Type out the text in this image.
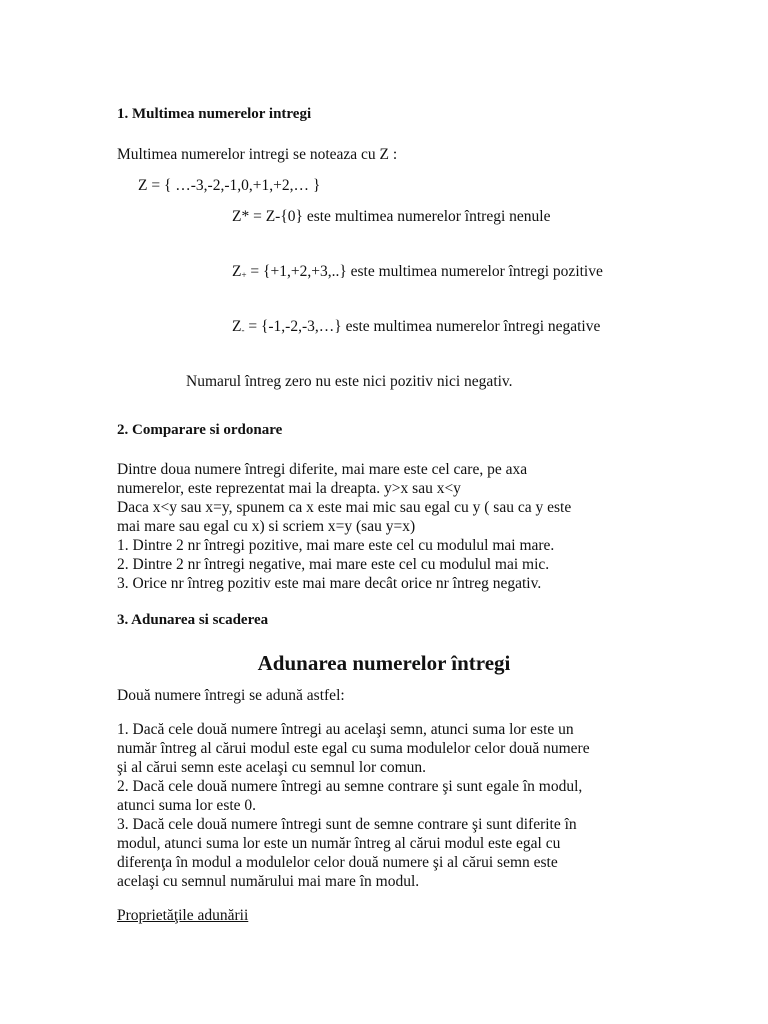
1. Multimea numerelor intregi
Multimea numerelor intregi se noteaza cu Z :
Z = { …-3,-2,-1,0,+1,+2,… }
Z* = Z-{0} este multimea numerelor întregi nenule
$Z_+ = \{+1,+2,+3,..\}$ este multimea numerelor întregi pozitive
$Z_-$ = {-1,-2,-3,…} este multimea numerelor întregi negative
Numarul întreg zero nu este nici pozitiv nici negativ.
2. Comparare si ordonare
Dintre doua numere întregi diferite, mai mare este cel care, pe axa
numerelor, este reprezentat mai la dreapta. y>x sau x<y
Daca x<y sau x=y, spunem ca x este mai mic sau egal cu y ( sau ca y este
mai mare sau egal cu x) si scriem x=y (sau y=x)
1. Dintre 2 nr întregi pozitive, mai mare este cel cu modulul mai mare.
2. Dintre 2 nr întregi negative, mai mare este cel cu modulul mai mic.
3. Orice nr întreg pozitiv este mai mare decât orice nr întreg negativ.
3. Adunarea si scaderea
Adunarea numerelor întregi
Două numere întregi se adună astfel:
1. Dacă cele două numere întregi au acelaşi semn, atunci suma lor este un
număr întreg al cărui modul este egal cu suma modulelor celor două numere
şi al cărui semn este acelaşi cu semnul lor comun.
2. Dacă cele două numere întregi au semne contrare şi sunt egale în modul,
atunci suma lor este 0.
3. Dacă cele două numere întregi sunt de semne contrare şi sunt diferite în
modul, atunci suma lor este un număr întreg al cărui modul este egal cu
diferenţa în modul a modulelor celor două numere şi al cărui semn este
acelaşi cu semnul numărului mai mare în modul.
Proprietăţile adunării
